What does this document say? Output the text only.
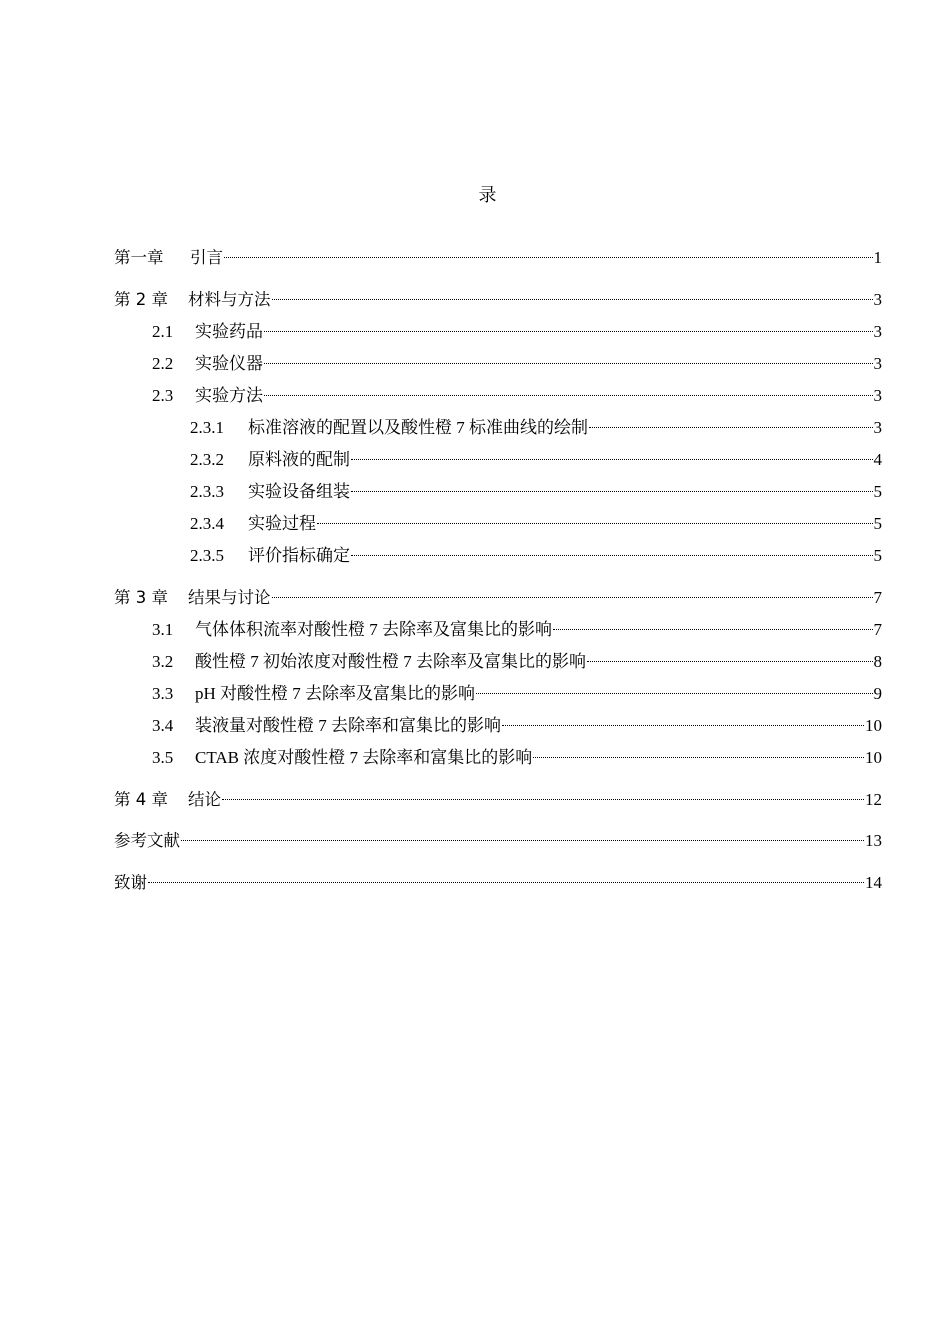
录
第一章	引言	1
第 2 章	材料与方法	3
2.1	实验药品	3
2.2	实验仪器	3
2.3	实验方法	3
2.3.1	标准溶液的配置以及酸性橙 7 标准曲线的绘制	3
2.3.2	原料液的配制	4
2.3.3	实验设备组装	5
2.3.4	实验过程	5
2.3.5	评价指标确定	5
第 3 章	结果与讨论	7
3.1	气体体积流率对酸性橙 7 去除率及富集比的影响	7
3.2	酸性橙 7 初始浓度对酸性橙 7 去除率及富集比的影响	8
3.3	pH 对酸性橙 7 去除率及富集比的影响	9
3.4	装液量对酸性橙 7 去除率和富集比的影响	10
3.5	CTAB 浓度对酸性橙 7 去除率和富集比的影响	10
第 4 章	结论	12
参考文献	13
致谢	14
